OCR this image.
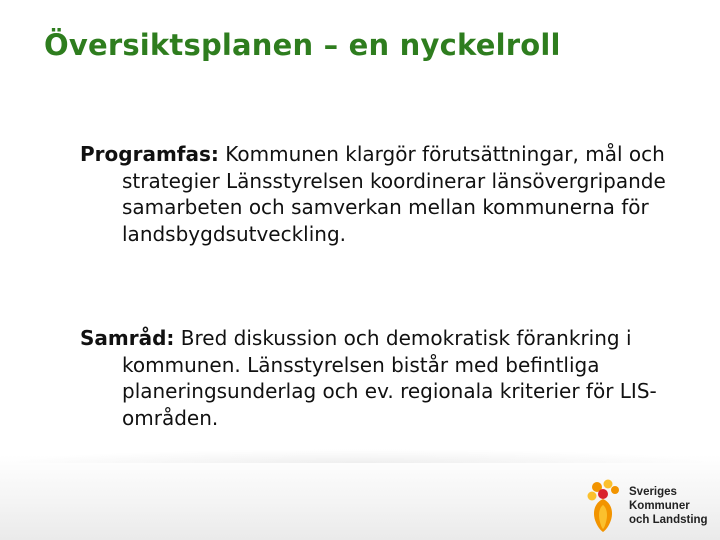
Översiktsplanen – en nyckelroll

Programfas: Kommunen klargör förutsättningar, mål och strategier Länsstyrelsen koordinerar länsövergripande samarbeten och samverkan mellan kommunerna för landsbygdsutveckling.

Samråd: Bred diskussion och demokratisk förankring i kommunen. Länsstyrelsen bistår med befintliga planeringsunderlag och ev. regionala kriterier för LIS-områden.

Sveriges
Kommuner
och Landsting
